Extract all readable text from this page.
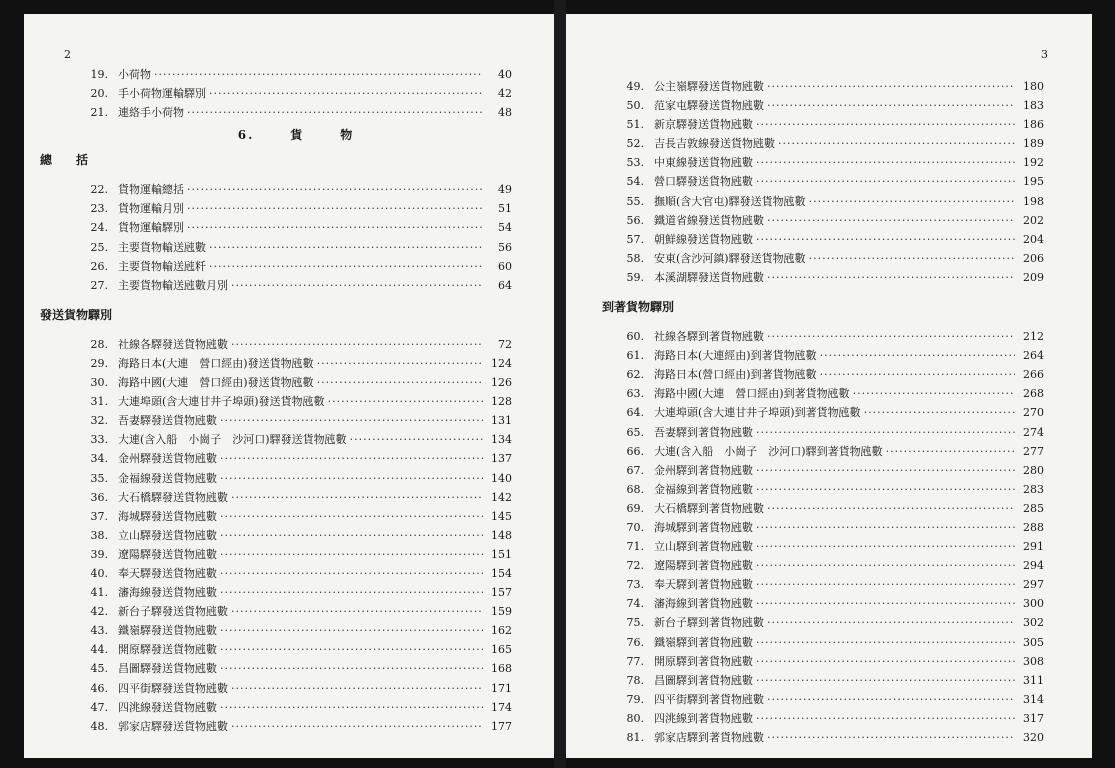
2
19. 小荷物 ·····	40
20. 手小荷物運輸驛別 ·····	42
21. 連絡手小荷物 ·····	48
6.	貨	物
總　　括
22. 貨物運輸總括 ·····	49
23. 貨物運輸月別 ·····	51
24. 貨物運輸驛別 ·····	54
25. 主要貨物輸送瓲數 ·····	56
26. 主要貨物輸送瓲粁 ·····	60
27. 主要貨物輸送瓲數月別 ·····	64
發送貨物驛別
28. 社線各驛發送貨物瓲數 ·····	72
29. 海路日本(大連　營口經由)發送貨物瓲數 ·····	124
30. 海路中國(大連　營口經由)發送貨物瓲數 ·····	126
31. 大連埠頭(含大連甘井子埠頭)發送貨物瓲數 ·····	128
32. 吾妻驛發送貨物瓲數 ·····	131
33. 大連(含入船　小崗子　沙河口)驛發送貨物瓲數 ·····	134
34. 金州驛發送貨物瓲數 ·····	137
35. 金福線發送貨物瓲數 ·····	140
36. 大石橋驛發送貨物瓲數 ·····	142
37. 海城驛發送貨物瓲數 ·····	145
38. 立山驛發送貨物瓲數 ·····	148
39. 遼陽驛發送貨物瓲數 ·····	151
40. 奉天驛發送貨物瓲數 ·····	154
41. 瀋海線發送貨物瓲數 ·····	157
42. 新台子驛發送貨物瓲數 ·····	159
43. 鐵嶺驛發送貨物瓲數 ·····	162
44. 開原驛發送貨物瓲數 ·····	165
45. 昌圖驛發送貨物瓲數 ·····	168
46. 四平街驛發送貨物瓲數 ·····	171
47. 四洮線發送貨物瓲數 ·····	174
48. 郭家店驛發送貨物瓲數 ·····	177
3
49. 公主嶺驛發送貨物瓲數 ·····	180
50. 范家屯驛發送貨物瓲數 ·····	183
51. 新京驛發送貨物瓲數 ·····	186
52. 吉長吉敦線發送貨物瓲數 ·····	189
53. 中東線發送貨物瓲數 ·····	192
54. 營口驛發送貨物瓲數 ·····	195
55. 撫順(含大官屯)驛發送貨物瓲數 ·····	198
56. 鐵道省線發送貨物瓲數 ·····	202
57. 朝鮮線發送貨物瓲數 ·····	204
58. 安東(含沙河鎮)驛發送貨物瓲數 ·····	206
59. 本溪湖驛發送貨物瓲數 ·····	209
到著貨物驛別
60. 社線各驛到著貨物瓲數 ·····	212
61. 海路日本(大連經由)到著貨物瓲數 ·····	264
62. 海路日本(營口經由)到著貨物瓲數 ·····	266
63. 海路中國(大連　營口經由)到著貨物瓲數 ·····	268
64. 大連埠頭(含大連甘井子埠頭)到著貨物瓲數 ·····	270
65. 吾妻驛到著貨物瓲數 ·····	274
66. 大連(含入船　小崗子　沙河口)驛到著貨物瓲數 ·····	277
67. 金州驛到著貨物瓲數 ·····	280
68. 金福線到著貨物瓲數 ·····	283
69. 大石橋驛到著貨物瓲數 ·····	285
70. 海城驛到著貨物瓲數 ·····	288
71. 立山驛到著貨物瓲數 ·····	291
72. 遼陽驛到著貨物瓲數 ·····	294
73. 奉天驛到著貨物瓲數 ·····	297
74. 瀋海線到著貨物瓲數 ·····	300
75. 新台子驛到著貨物瓲數 ·····	302
76. 鐵嶺驛到著貨物瓲數 ·····	305
77. 開原驛到著貨物瓲數 ·····	308
78. 昌圖驛到著貨物瓲數 ·····	311
79. 四平街驛到著貨物瓲數 ·····	314
80. 四洮線到著貨物瓲數 ·····	317
81. 郭家店驛到著貨物瓲數 ·····	320
